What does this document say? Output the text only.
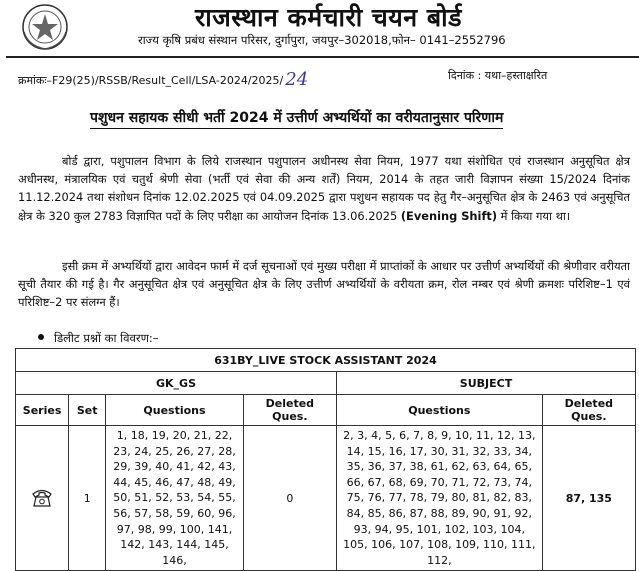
राजस्थान कर्मचारी चयन बोर्ड
राज्य कृषि प्रबंध संस्थान परिसर, दुर्गापुरा, जयपुर–302018,फोन– 0141–2552796
क्रमांकः–F29(25)/RSSB/Result_Cell/LSA-2024/2025/ 24	दिनांक : यथा–हस्ताक्षरित
पशुधन सहायक सीधी भर्ती 2024 में उत्तीर्ण अभ्यर्थियों का वरीयतानुसार परिणाम
बोर्ड द्वारा, पशुपालन विभाग के लिये राजस्थान पशुपालन अधीनस्थ सेवा नियम, 1977 यथा संशोधित एवं राजस्थान अनुसूचित क्षेत्र अधीनस्थ, मंत्रालयिक एवं चतुर्थ श्रेणी सेवा (भर्ती एवं सेवा की अन्य शर्तें) नियम, 2014 के तहत जारी विज्ञापन संख्या 15/2024 दिनांक 11.12.2024 तथा संशोधन दिनांक 12.02.2025 एवं 04.09.2025 द्वारा पशुधन सहायक पद हेतु गैर–अनुसूचित क्षेत्र के 2463 एवं अनुसूचित क्षेत्र के 320 कुल 2783 विज्ञापित पदों के लिए परीक्षा का आयोजन दिनांक 13.06.2025 (Evening Shift) में किया गया था।
इसी क्रम में अभ्यर्थियों द्वारा आवेदन फार्म में दर्ज सूचनाओं एवं मुख्य परीक्षा में प्राप्तांकों के आधार पर उत्तीर्ण अभ्यर्थियों की श्रेणीवार वरीयता सूची तैयार की गई है। गैर अनुसूचित क्षेत्र एवं अनुसूचित क्षेत्र के लिए उत्तीर्ण अभ्यर्थियों के वरीयता क्रम, रोल नम्बर एवं श्रेणी क्रमशः परिशिष्ट–1 एवं परिशिष्ट–2 पर संलग्न हैं।
डिलीट प्रश्नों का विवरण:–
631BY_LIVE STOCK ASSISTANT 2024					
GK_GS				SUBJECT	
Series	Set	Questions	Deleted Ques.	Questions	Deleted Ques.
	1	1, 18, 19, 20, 21, 22, 23, 24, 25, 26, 27, 28, 29, 39, 40, 41, 42, 43, 44, 45, 46, 47, 48, 49, 50, 51, 52, 53, 54, 55, 56, 57, 58, 59, 60, 96, 97, 98, 99, 100, 141, 142, 143, 144, 145, 146,	0	2, 3, 4, 5, 6, 7, 8, 9, 10, 11, 12, 13, 14, 15, 16, 17, 30, 31, 32, 33, 34, 35, 36, 37, 38, 61, 62, 63, 64, 65, 66, 67, 68, 69, 70, 71, 72, 73, 74, 75, 76, 77, 78, 79, 80, 81, 82, 83, 84, 85, 86, 87, 88, 89, 90, 91, 92, 93, 94, 95, 101, 102, 103, 104, 105, 106, 107, 108, 109, 110, 111, 112,	87, 135
